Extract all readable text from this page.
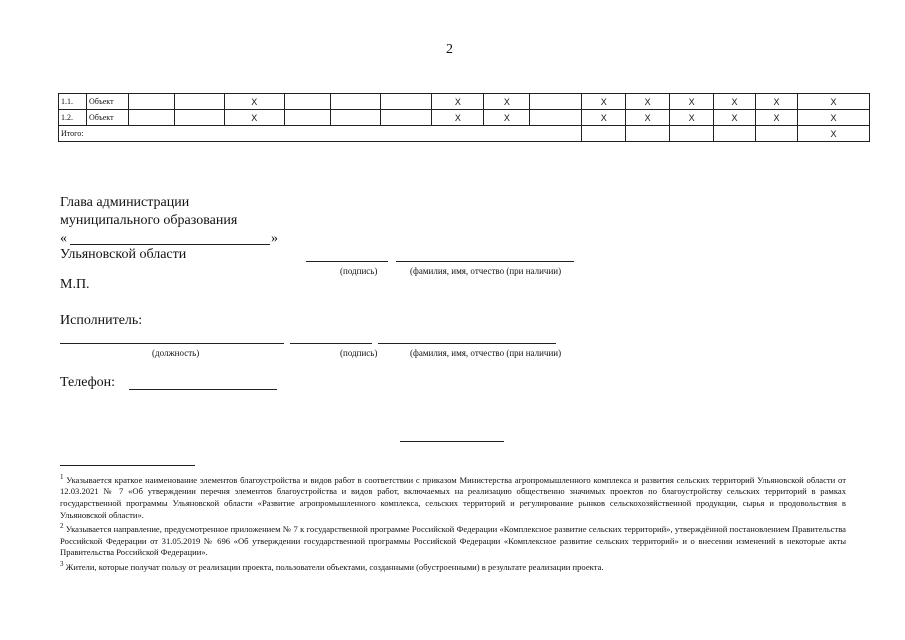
2
1.1.	Объект			X				X	X		X	X	X	X	X	X
1.2.	Объект			X				X	X		X	X	X	X	X	X
Итого:																X
Глава администрации
муниципального образования
«	»
Ульяновской области
(подпись)	(фамилия, имя, отчество (при наличии)
М.П.
Исполнитель:
(должность)	(подпись)	(фамилия, имя, отчество (при наличии)
Телефон:

$^1$ Указывается краткое наименование элементов благоустройства и видов работ в соответствии с приказом Министерства агропромышленного комплекса и развития сельских территорий Ульяновской области от 12.03.2021 № 7 «Об утверждении перечня элементов благоустройства и видов работ, включаемых на реализацию общественно значимых проектов по благоустройству сельских территорий в рамках государственной программы Ульяновской области «Развитие агропромышленного комплекса, сельских территорий и регулирование рынков сельскохозяйственной продукции, сырья и продовольствия в Ульяновской области».

$^2$ Указывается направление, предусмотренное приложением № 7 к государственной программе Российской Федерации «Комплексное развитие сельских территорий», утверждённой постановлением Правительства Российской Федерации от 31.05.2019 № 696 «Об утверждении государственной программы Российской Федерации «Комплексное развитие сельских территорий» и о внесении изменений в некоторые акты Правительства Российской Федерации».

$^3$ Жители, которые получат пользу от реализации проекта, пользователи объектами, созданными (обустроенными) в результате реализации проекта.
